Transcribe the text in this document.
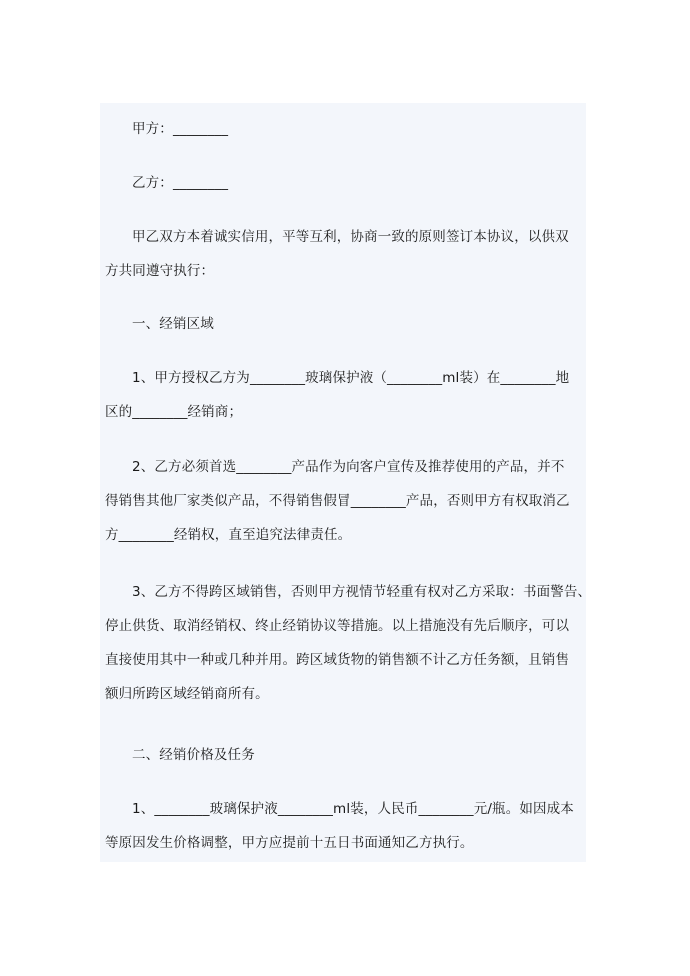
甲方：________
乙方：________
甲乙双方本着诚实信用，平等互利，协商一致的原则签订本协议，以供双
方共同遵守执行：
一、经销区域
1、甲方授权乙方为________玻璃保护液（________ml装）在________地
区的________经销商；
2、乙方必须首选________产品作为向客户宣传及推荐使用的产品，并不
得销售其他厂家类似产品，不得销售假冒________产品，否则甲方有权取消乙
方________经销权，直至追究法律责任。
3、乙方不得跨区域销售，否则甲方视情节轻重有权对乙方采取：书面警告、
停止供货、取消经销权、终止经销协议等措施。以上措施没有先后顺序，可以
直接使用其中一种或几种并用。跨区域货物的销售额不计乙方任务额，且销售
额归所跨区域经销商所有。
二、经销价格及任务
1、________玻璃保护液________ml装，人民币________元/瓶。如因成本
等原因发生价格调整，甲方应提前十五日书面通知乙方执行。
